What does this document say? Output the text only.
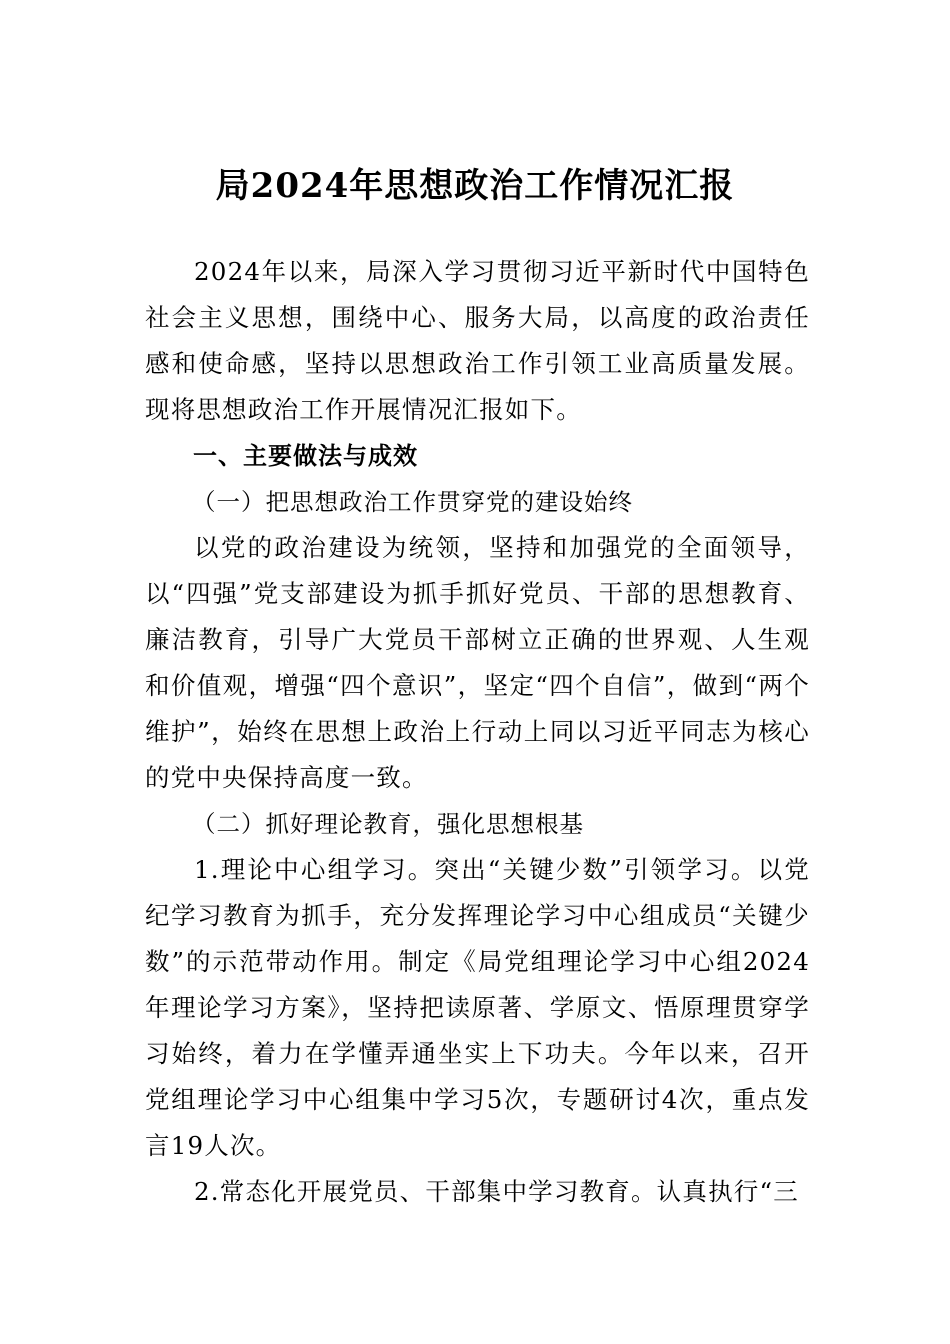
局2024年思想政治工作情况汇报

2024年以来，局深入学习贯彻习近平新时代中国特色社会主义思想，围绕中心、服务大局，以高度的政治责任感和使命感，坚持以思想政治工作引领工业高质量发展。现将思想政治工作开展情况汇报如下。

一、主要做法与成效

（一）把思想政治工作贯穿党的建设始终

以党的政治建设为统领，坚持和加强党的全面领导，以“四强”党支部建设为抓手抓好党员、干部的思想教育、廉洁教育，引导广大党员干部树立正确的世界观、人生观和价值观，增强“四个意识”，坚定“四个自信”，做到“两个维护”，始终在思想上政治上行动上同以习近平同志为核心的党中央保持高度一致。

（二）抓好理论教育，强化思想根基

1.理论中心组学习。突出“关键少数”引领学习。以党纪学习教育为抓手，充分发挥理论学习中心组成员“关键少数”的示范带动作用。制定《局党组理论学习中心组2024年理论学习方案》，坚持把读原著、学原文、悟原理贯穿学习始终，着力在学懂弄通坐实上下功夫。今年以来，召开党组理论学习中心组集中学习5次，专题研讨4次，重点发言19人次。

2.常态化开展党员、干部集中学习教育。认真执行“三
